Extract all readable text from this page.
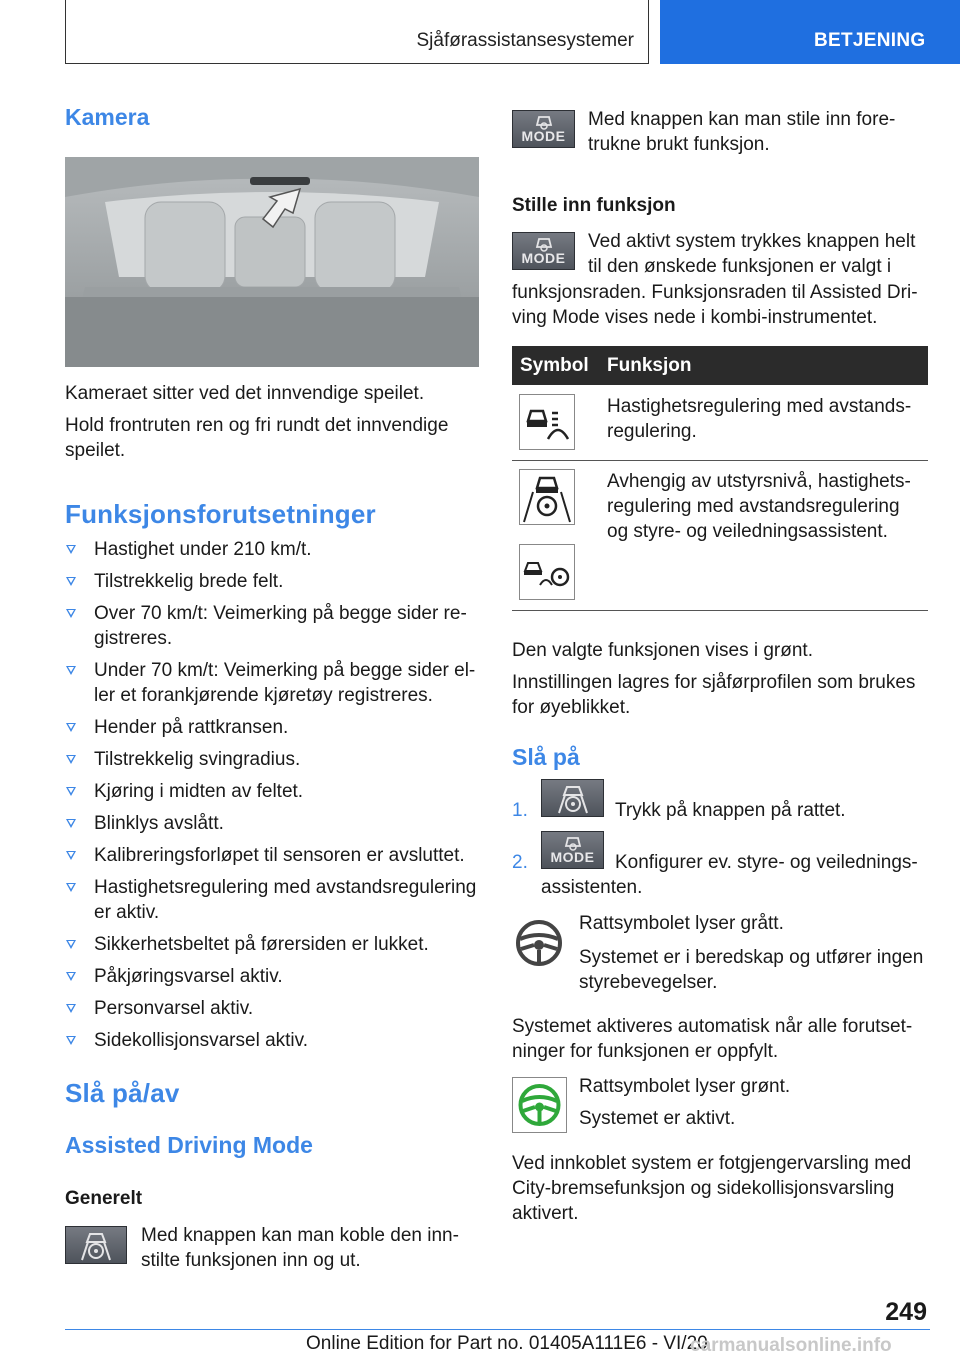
Sjåførassistansesystemer	BETJENING
Kamera
Kameraet sitter ved det innvendige speilet.
Hold frontruten ren og fri rundt det innvendige
speilet.
Funksjonsforutsetninger
Hastighet under 210 km/t.
Tilstrekkelig brede felt.
Over 70 km/t: Veimerking på begge sider re-
gistreres.
Under 70 km/t: Veimerking på begge sider el-
ler et forankjørende kjøretøy registreres.
Hender på rattkransen.
Tilstrekkelig svingradius.
Kjøring i midten av feltet.
Blinklys avslått.
Kalibreringsforløpet til sensoren er avsluttet.
Hastighetsregulering med avstandsregulering
er aktiv.
Sikkerhetsbeltet på førersiden er lukket.
Påkjøringsvarsel aktiv.
Personvarsel aktiv.
Sidekollisjonsvarsel aktiv.
Slå på/av
Assisted Driving Mode
Generelt
Med knappen kan man koble den inn-
stilte funksjonen inn og ut.
MODE
Med knappen kan man stile inn fore-
trukne brukt funksjon.
Stille inn funksjon
MODE
Ved aktivt system trykkes knappen helt
til den ønskede funksjonen er valgt i
funksjonsraden. Funksjonsraden til Assisted Dri-
ving Mode vises nede i kombi-instrumentet.
Symbol Funksjon
Hastighetsregulering med avstands-
regulering.
Avhengig av utstyrsnivå, hastighets-
regulering med avstandsregulering
og styre- og veiledningsassistent.
Den valgte funksjonen vises i grønt.
Innstillingen lagres for sjåførprofilen som brukes
for øyeblikket.
Slå på
1.	Trykk på knappen på rattet.
2.	MODE	Konfigurer ev. styre- og veilednings-
assistenten.
Rattsymbolet lyser grått.
Systemet er i beredskap og utfører ingen
styrebevegelser.
Systemet aktiveres automatisk når alle forutset-
ninger for funksjonen er oppfylt.
Rattsymbolet lyser grønt.
Systemet er aktivt.
Ved innkoblet system er fotgjengervarsling med
City-bremsefunksjon og sidekollisjonsvarsling
aktivert.
249
Online Edition for Part no. 01405A111E6 - VI/20
carmanualsonline.info
